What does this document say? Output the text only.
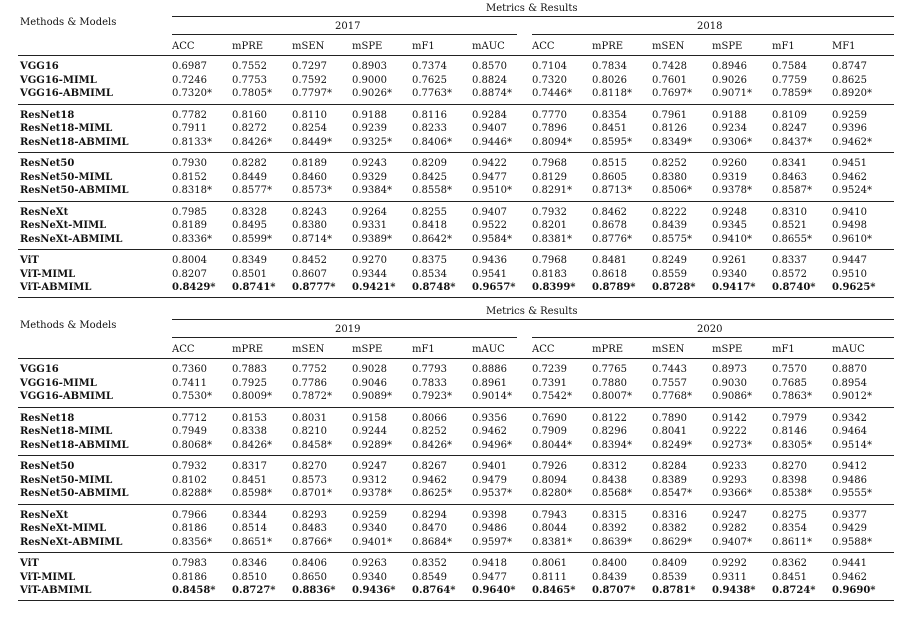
Methods & Models
Metrics & Results
2017	2018
ACC	mPRE	mSEN	mSPE	mF1	mAUC	ACC	mPRE	mSEN	mSPE	mF1	MF1
VGG16	0.6987	0.7552	0.7297	0.8903	0.7374	0.8570	0.7104	0.7834	0.7428	0.8946	0.7584	0.8747
VGG16-MIML	0.7246	0.7753	0.7592	0.9000	0.7625	0.8824	0.7320	0.8026	0.7601	0.9026	0.7759	0.8625
VGG16-ABMIML	0.7320* 0.7805* 0.7797* 0.9026* 0.7763* 0.8874* 0.7446* 0.8118* 0.7697* 0.9071* 0.7859* 0.8920*
ResNet18	0.7782	0.8160	0.8110	0.9188	0.8116	0.9284	0.7770	0.8354	0.7961	0.9188	0.8109	0.9259
ResNet18-MIML	0.7911	0.8272	0.8254	0.9239	0.8233	0.9407	0.7896	0.8451	0.8126	0.9234	0.8247	0.9396
ResNet18-ABMIML	0.8133* 0.8426* 0.8449* 0.9325* 0.8406* 0.9446* 0.8094* 0.8595* 0.8349* 0.9306* 0.8437* 0.9462*
ResNet50	0.7930	0.8282	0.8189	0.9243	0.8209	0.9422	0.7968	0.8515	0.8252	0.9260	0.8341	0.9451
ResNet50-MIML	0.8152	0.8449	0.8460	0.9329	0.8425	0.9477	0.8129	0.8605	0.8380	0.9319	0.8463	0.9462
ResNet50-ABMIML	0.8318* 0.8577* 0.8573* 0.9384* 0.8558* 0.9510* 0.8291* 0.8713* 0.8506* 0.9378* 0.8587* 0.9524*
ResNeXt	0.7985	0.8328	0.8243	0.9264	0.8255	0.9407	0.7932	0.8462	0.8222	0.9248	0.8310	0.9410
ResNeXt-MIML	0.8189	0.8495	0.8380	0.9331	0.8418	0.9522	0.8201	0.8678	0.8439	0.9345	0.8521	0.9498
ResNeXt-ABMIML	0.8336* 0.8599* 0.8714* 0.9389* 0.8642* 0.9584* 0.8381* 0.8776* 0.8575* 0.9410* 0.8655* 0.9610*
ViT	0.8004	0.8349	0.8452	0.9270	0.8375	0.9436	0.7968	0.8481	0.8249	0.9261	0.8337	0.9447
ViT-MIML	0.8207	0.8501	0.8607	0.9344	0.8534	0.9541	0.8183	0.8618	0.8559	0.9340	0.8572	0.9510
ViT-ABMIML	0.8429* 0.8741* 0.8777* 0.9421* 0.8748* 0.9657* 0.8399* 0.8789* 0.8728* 0.9417* 0.8740* 0.9625*
Methods & Models
Metrics & Results
2019	2020
ACC	mPRE	mSEN	mSPE	mF1	mAUC	ACC	mPRE	mSEN	mSPE	mF1	mAUC
VGG16	0.7360	0.7883	0.7752	0.9028	0.7793	0.8886	0.7239	0.7765	0.7443	0.8973	0.7570	0.8870
VGG16-MIML	0.7411	0.7925	0.7786	0.9046	0.7833	0.8961	0.7391	0.7880	0.7557	0.9030	0.7685	0.8954
VGG16-ABMIML	0.7530* 0.8009* 0.7872* 0.9089* 0.7923* 0.9014* 0.7542* 0.8007* 0.7768* 0.9086* 0.7863* 0.9012*
ResNet18	0.7712	0.8153	0.8031	0.9158	0.8066	0.9356	0.7690	0.8122	0.7890	0.9142	0.7979	0.9342
ResNet18-MIML	0.7949	0.8338	0.8210	0.9244	0.8252	0.9462	0.7909	0.8296	0.8041	0.9222	0.8146	0.9464
ResNet18-ABMIML	0.8068* 0.8426* 0.8458* 0.9289* 0.8426* 0.9496* 0.8044* 0.8394* 0.8249* 0.9273* 0.8305* 0.9514*
ResNet50	0.7932	0.8317	0.8270	0.9247	0.8267	0.9401	0.7926	0.8312	0.8284	0.9233	0.8270	0.9412
ResNet50-MIML	0.8102	0.8451	0.8573	0.9312	0.9462	0.9479	0.8094	0.8438	0.8389	0.9293	0.8398	0.9486
ResNet50-ABMIML	0.8288* 0.8598* 0.8701* 0.9378* 0.8625* 0.9537* 0.8280* 0.8568* 0.8547* 0.9366* 0.8538* 0.9555*
ResNeXt	0.7966	0.8344	0.8293	0.9259	0.8294	0.9398	0.7943	0.8315	0.8316	0.9247	0.8275	0.9377
ResNeXt-MIML	0.8186	0.8514	0.8483	0.9340	0.8470	0.9486	0.8044	0.8392	0.8382	0.9282	0.8354	0.9429
ResNeXt-ABMIML	0.8356* 0.8651* 0.8766* 0.9401* 0.8684* 0.9597* 0.8381* 0.8639* 0.8629* 0.9407* 0.8611* 0.9588*
ViT	0.7983	0.8346	0.8406	0.9263	0.8352	0.9418	0.8061	0.8400	0.8409	0.9292	0.8362	0.9441
ViT-MIML	0.8186	0.8510	0.8650	0.9340	0.8549	0.9477	0.8111	0.8439	0.8539	0.9311	0.8451	0.9462
ViT-ABMIML	0.8458* 0.8727* 0.8836* 0.9436* 0.8764* 0.9640* 0.8465* 0.8707* 0.8781* 0.9438* 0.8724* 0.9690*
